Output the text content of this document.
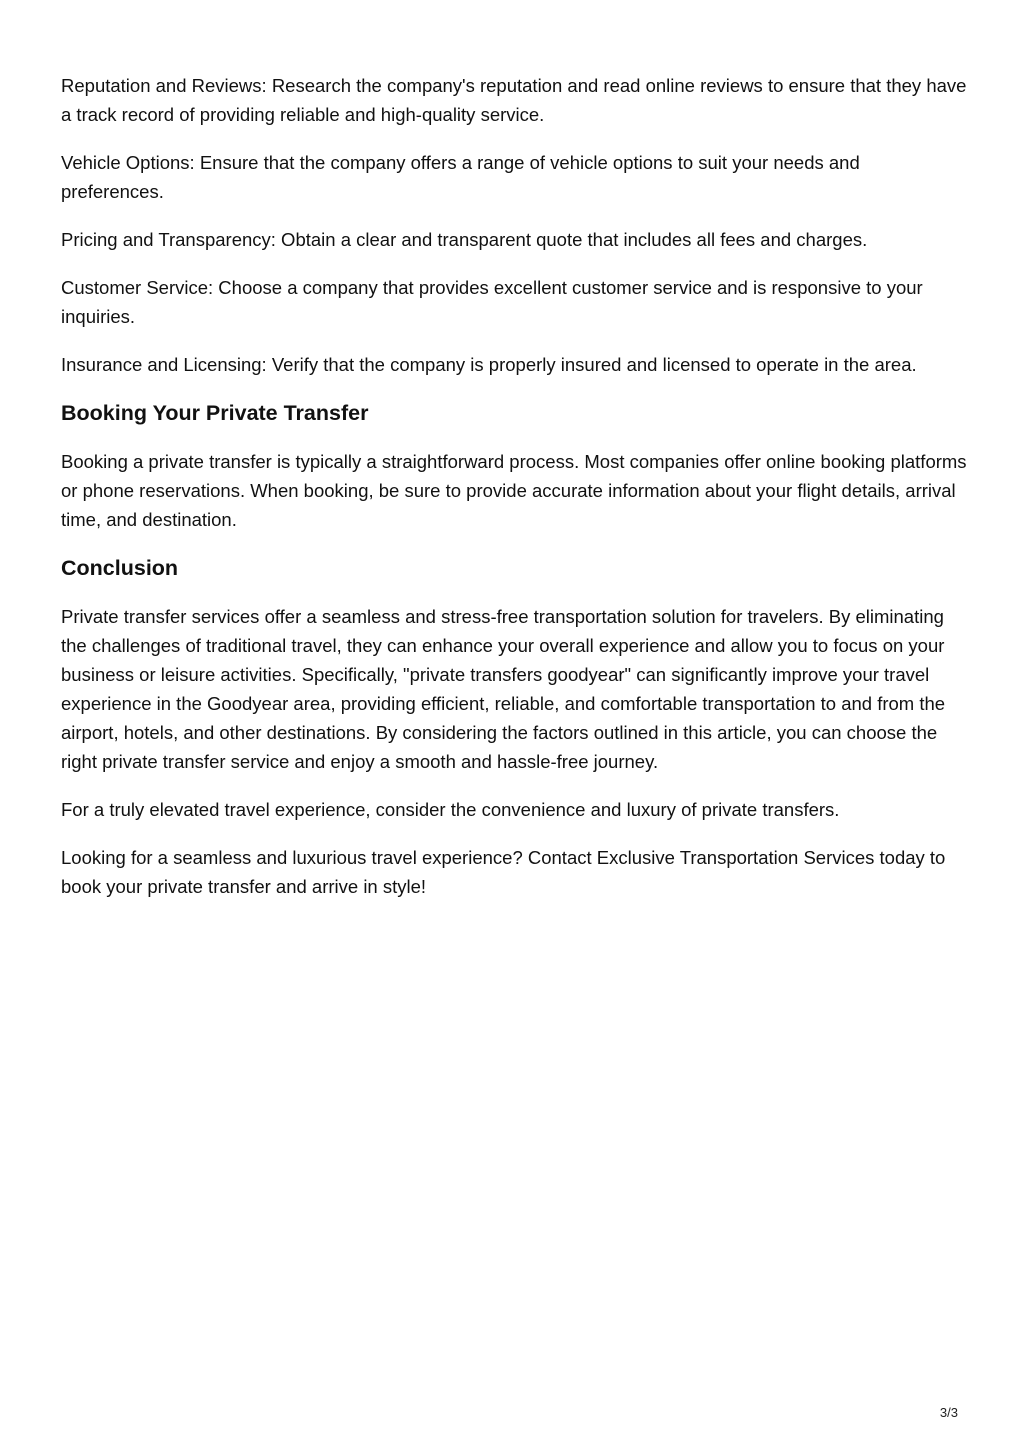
Reputation and Reviews: Research the company's reputation and read online reviews to ensure that they have a track record of providing reliable and high-quality service.

Vehicle Options: Ensure that the company offers a range of vehicle options to suit your needs and preferences.

Pricing and Transparency: Obtain a clear and transparent quote that includes all fees and charges.

Customer Service: Choose a company that provides excellent customer service and is responsive to your inquiries.

Insurance and Licensing: Verify that the company is properly insured and licensed to operate in the area.

Booking Your Private Transfer

Booking a private transfer is typically a straightforward process. Most companies offer online booking platforms or phone reservations. When booking, be sure to provide accurate information about your flight details, arrival time, and destination.

Conclusion

Private transfer services offer a seamless and stress-free transportation solution for travelers. By eliminating the challenges of traditional travel, they can enhance your overall experience and allow you to focus on your business or leisure activities. Specifically, "private transfers goodyear" can significantly improve your travel experience in the Goodyear area, providing efficient, reliable, and comfortable transportation to and from the airport, hotels, and other destinations. By considering the factors outlined in this article, you can choose the right private transfer service and enjoy a smooth and hassle-free journey.

For a truly elevated travel experience, consider the convenience and luxury of private transfers.

Looking for a seamless and luxurious travel experience? Contact Exclusive Transportation Services today to book your private transfer and arrive in style!

3/3
